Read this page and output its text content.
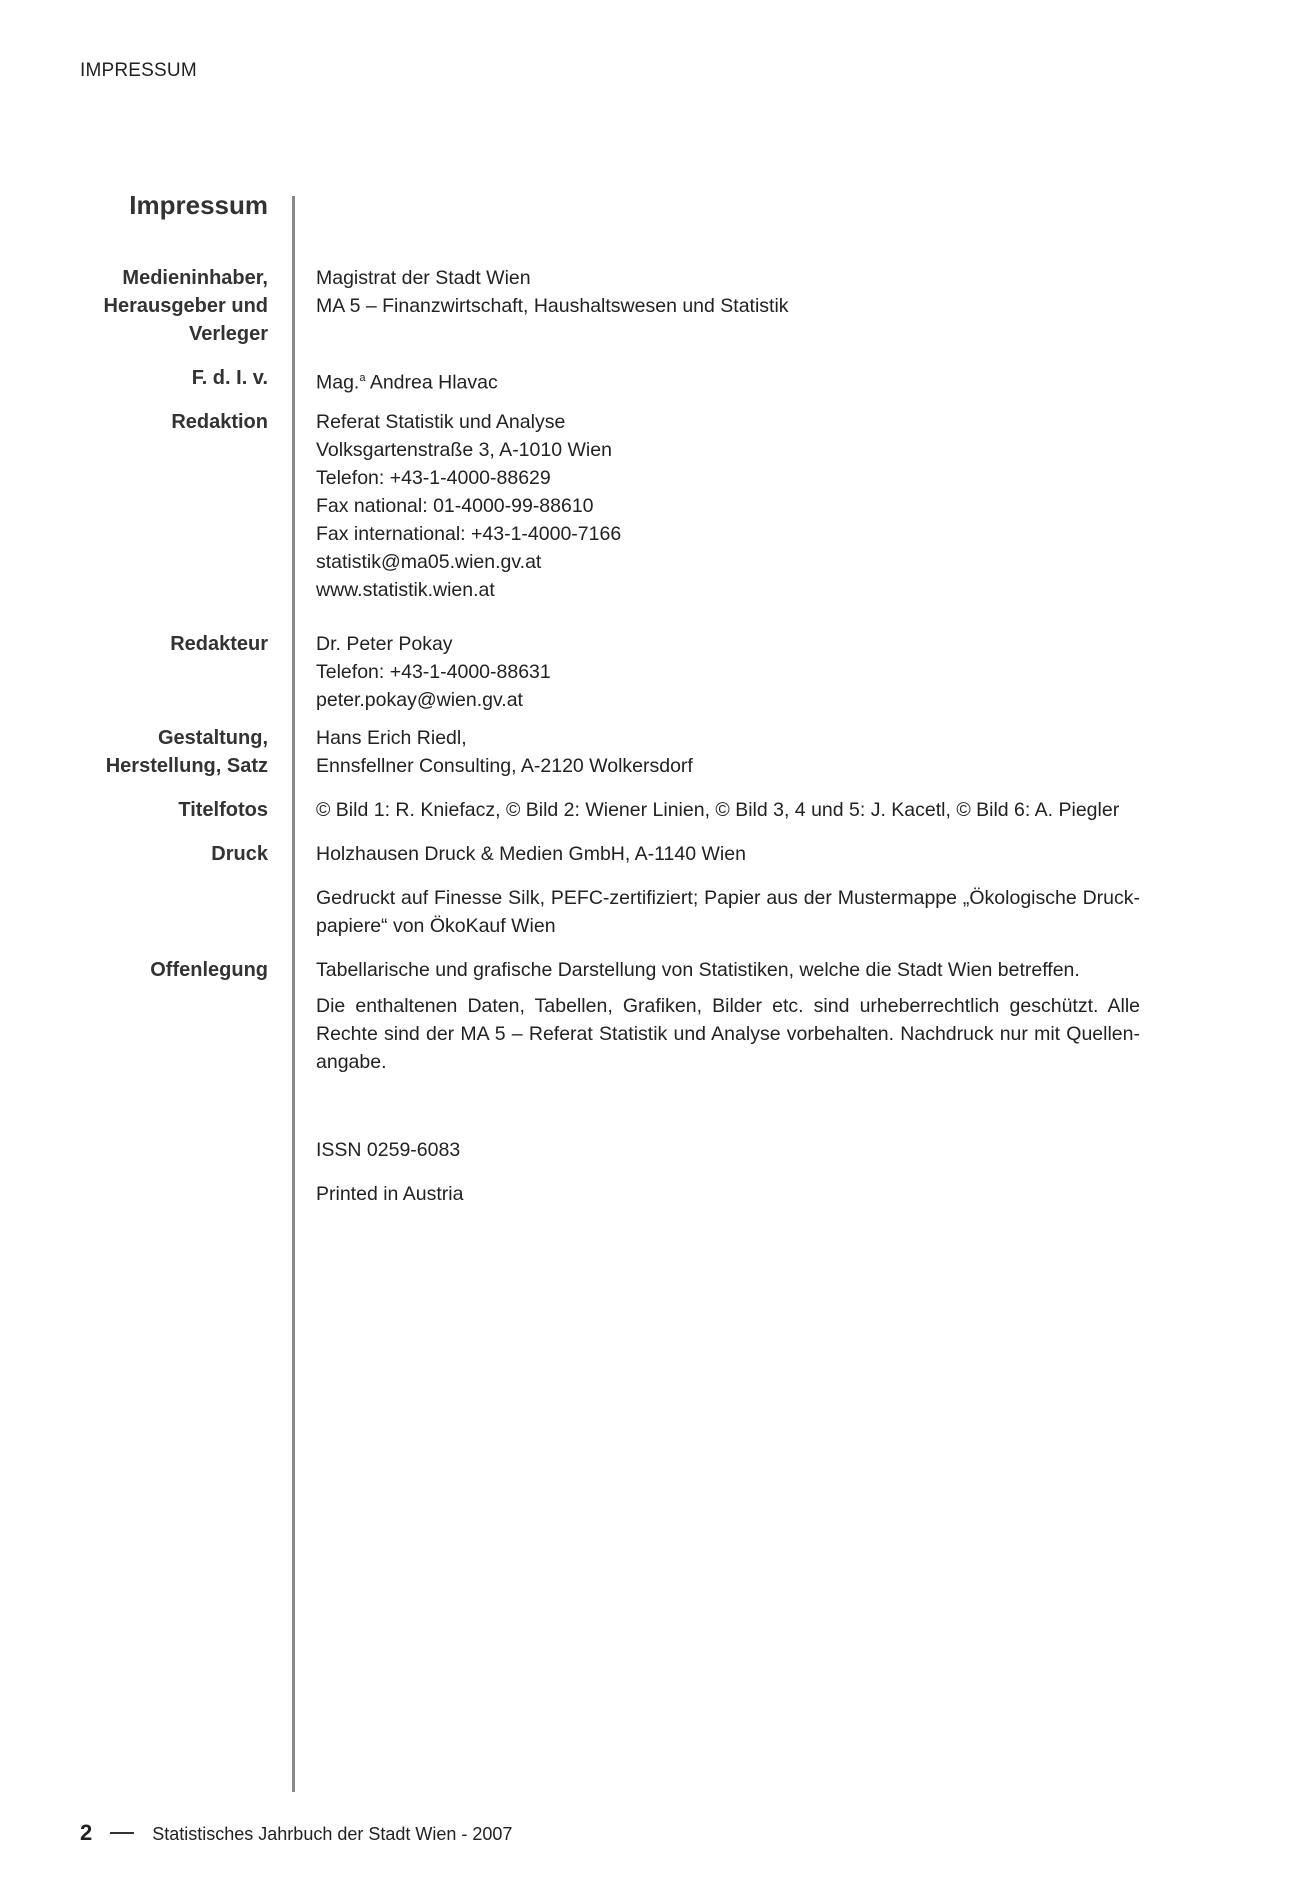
IMPRESSUM
Impressum
Medieninhaber,
Herausgeber und
Verleger
Magistrat der Stadt Wien
MA 5 – Finanzwirtschaft, Haushaltswesen und Statistik
F. d. I. v. Mag.$^a$ Andrea Hlavac
Redaktion Referat Statistik und Analyse
Volksgartenstraße 3, A-1010 Wien
Telefon: +43-1-4000-88629
Fax national: 01-4000-99-88610
Fax international: +43-1-4000-7166
statistik@ma05.wien.gv.at
www.statistik.wien.at
Redakteur Dr. Peter Pokay
Telefon: +43-1-4000-88631
peter.pokay@wien.gv.at
Gestaltung,
Herstellung, Satz
Hans Erich Riedl,
Ennsfellner Consulting, A-2120 Wolkersdorf
Titelfotos © Bild 1: R. Kniefacz, © Bild 2: Wiener Linien, © Bild 3, 4 und 5: J. Kacetl, © Bild 6: A. Piegler
Druck Holzhausen Druck & Medien GmbH, A-1140 Wien
Gedruckt auf Finesse Silk, PEFC-zertifiziert; Papier aus der Mustermappe „Ökologische Druck-
papiere“ von ÖkoKauf Wien
Offenlegung Tabellarische und grafische Darstellung von Statistiken, welche die Stadt Wien betreffen.
Die enthaltenen Daten, Tabellen, Grafiken, Bilder etc. sind urheberrechtlich geschützt. Alle
Rechte sind der MA 5 – Referat Statistik und Analyse vorbehalten. Nachdruck nur mit Quellen-
angabe.
ISSN 0259-6083
Printed in Austria
2	Statistisches Jahrbuch der Stadt Wien - 2007
